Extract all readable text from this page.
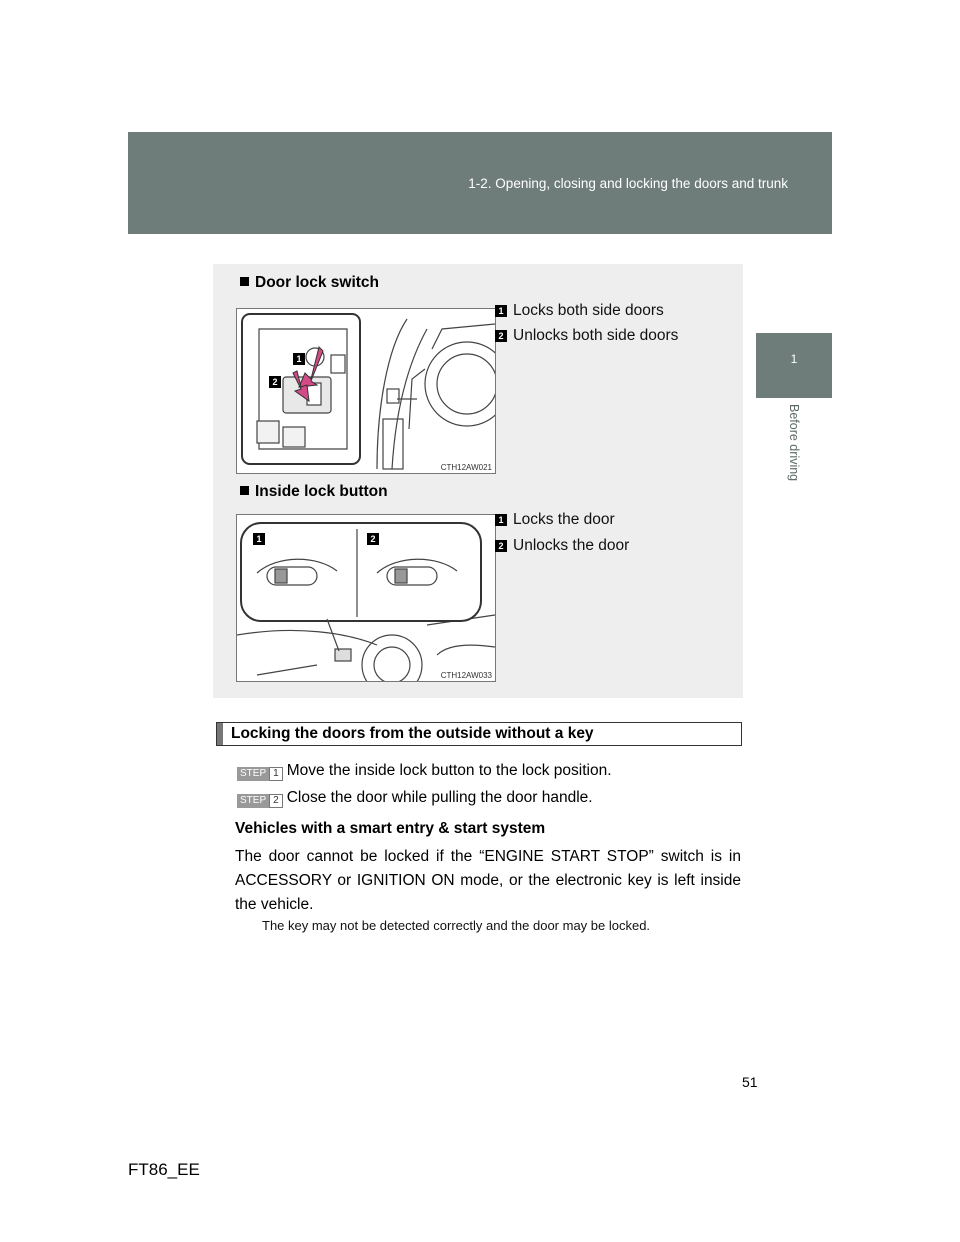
1-2. Opening, closing and locking the doors and trunk
1
Before driving
Door lock switch
1
2
CTH12AW021
1 Locks both side doors
2 Unlocks both side doors
Inside lock button
1	2
CTH12AW033
1 Locks the door
2 Unlocks the door
Locking the doors from the outside without a key
STEP 1 Move the inside lock button to the lock position.
STEP 2 Close the door while pulling the door handle.
Vehicles with a smart entry & start system
The door cannot be locked if the “ENGINE START STOP” switch is in ACCESSORY or IGNITION ON mode, or the electronic key is left inside the vehicle.
The key may not be detected correctly and the door may be locked.
51
FT86_EE
